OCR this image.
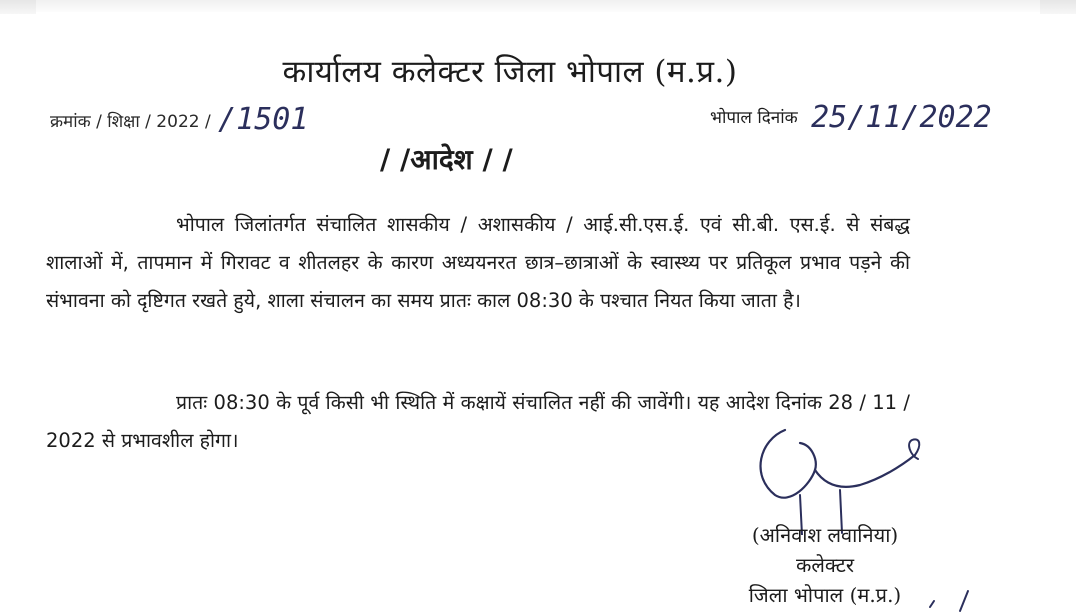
कार्यालय कलेक्टर जिला भोपाल (म.प्र.)
क्रमांक / शिक्षा / 2022 / /1501	भोपाल दिनांक 25/11/2022
/ /आदेश / /
भोपाल जिलांतर्गत संचालित शासकीय / अशासकीय / आई.सी.एस.ई. एवं सी.बी. एस.ई. से संबद्ध शालाओं में, तापमान में गिरावट व शीतलहर के कारण अध्ययनरत छात्र–छात्राओं के स्वास्थ्य पर प्रतिकूल प्रभाव पड़ने की संभावना को दृष्टिगत रखते हुये, शाला संचालन का समय प्रातः काल 08:30 के पश्चात नियत किया जाता है।
प्रातः 08:30 के पूर्व किसी भी स्थिति में कक्षायें संचालित नहीं की जावेंगी। यह आदेश दिनांक 28 / 11 / 2022 से प्रभावशील होगा।
(अनिवाश लवानिया)
कलेक्टर
जिला भोपाल (म.प्र.)
